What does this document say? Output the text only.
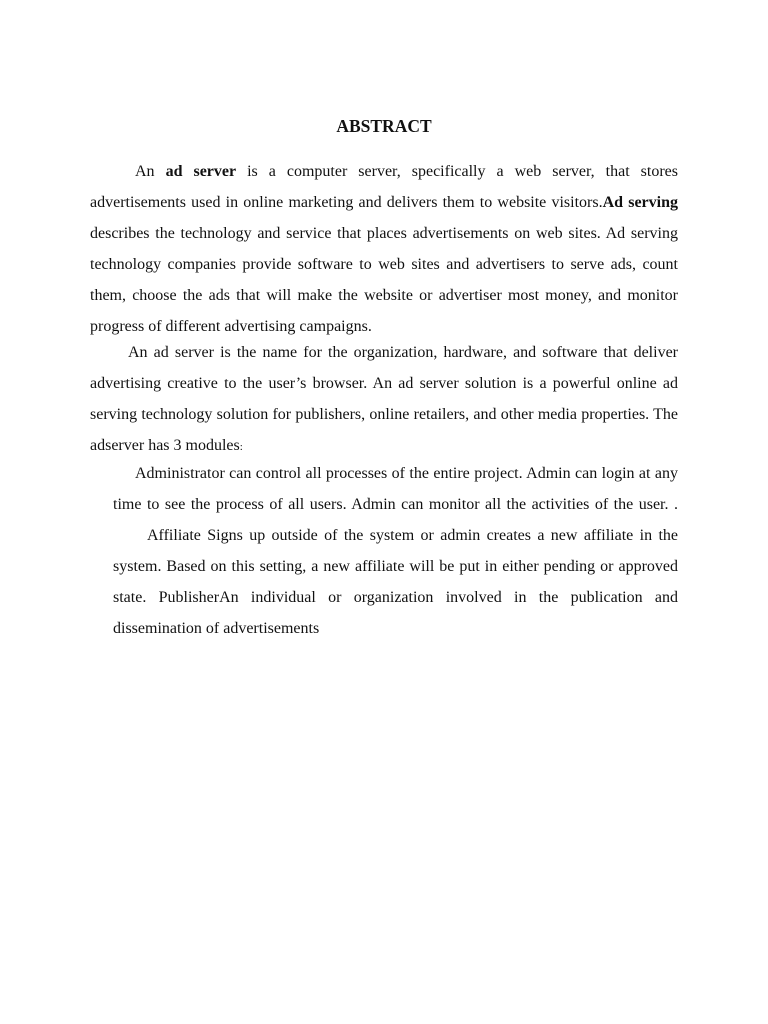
ABSTRACT

An ad server is a computer server, specifically a web server, that stores advertisements used in online marketing and delivers them to website visitors.Ad serving describes the technology and service that places advertisements on web sites. Ad serving technology companies provide software to web sites and advertisers to serve ads, count them, choose the ads that will make the website or advertiser most money, and monitor progress of different advertising campaigns.

An ad server is the name for the organization, hardware, and software that deliver advertising creative to the user’s browser. An ad server solution is a powerful online ad serving technology solution for publishers, online retailers, and other media properties. The adserver has 3 modules:

Administrator can control all processes of the entire project. Admin can login at any time to see the process of all users. Admin can monitor all the activities of the user. .Affiliate Signs up outside of the system or admin creates a new affiliate in the system. Based on this setting, a new affiliate will be put in either pending or approved state. PublisherAn individual or organization involved in the publication and dissemination of advertisements
